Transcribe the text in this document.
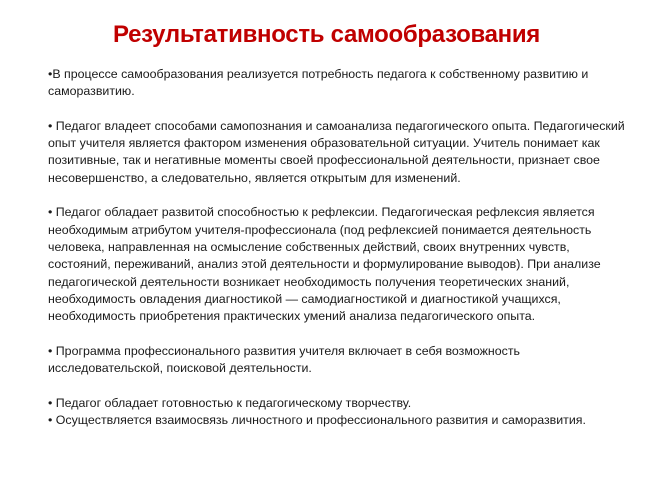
Результативность самообразования

•В процессе самообразования реализуется потребность педагога к собственному развитию и саморазвитию.

• Педагог владеет способами самопознания и самоанализа педагогического опыта. Педагогический опыт учителя является фактором изменения образовательной ситуации. Учитель понимает как позитивные, так и негативные моменты своей профессиональной деятельности, признает свое несовершенство, а следовательно, является открытым для изменений.

• Педагог обладает развитой способностью к рефлексии. Педагогическая рефлексия является необходимым атрибутом учителя-профессионала (под рефлексией понимается деятельность человека, направленная на осмысление собственных действий, своих внутренних чувств, состояний, переживаний, анализ этой деятельности и формулирование выводов). При анализе педагогической деятельности возникает необходимость получения теоретических знаний, необходимость овладения диагностикой — самодиагностикой и диагностикой учащихся, необходимость приобретения практических умений анализа педагогического опыта.

• Программа профессионального развития учителя включает в себя возможность исследовательской, поисковой деятельности.

• Педагог обладает готовностью к педагогическому творчеству.

• Осуществляется взаимосвязь личностного и профессионального развития и саморазвития.
